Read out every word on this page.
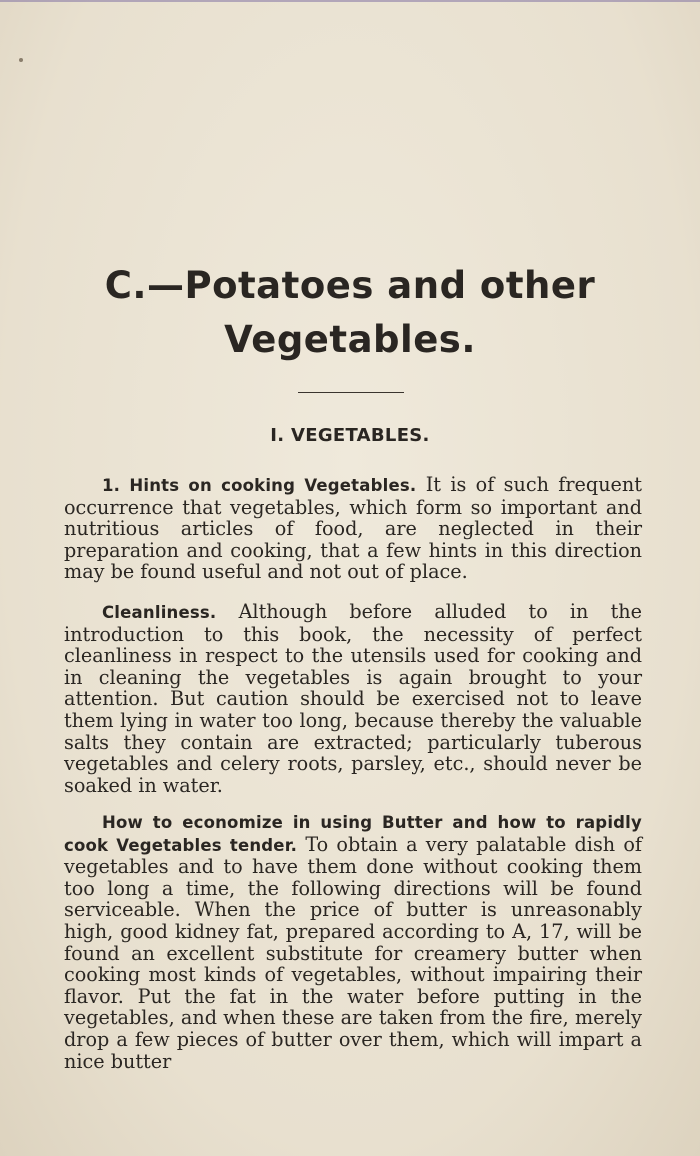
C.—Potatoes and other
Vegetables.
I. VEGETABLES.

1. Hints on cooking Vegetables. It is of such frequent occurrence that vegetables, which form so important and nutritious articles of food, are neglected in their preparation and cooking, that a few hints in this direction may be found useful and not out of place.

Cleanliness. Although before alluded to in the introduction to this book, the necessity of perfect cleanliness in respect to the utensils used for cooking and in cleaning the vegetables is again brought to your attention. But caution should be exercised not to leave them lying in water too long, because thereby the valuable salts they contain are extracted; particularly tuberous vegetables and celery roots, parsley, etc., should never be soaked in water.

How to economize in using Butter and how to rapidly cook Vegetables tender. To obtain a very palatable dish of vegetables and to have them done without cooking them too long a time, the following directions will be found serviceable. When the price of butter is unreasonably high, good kidney fat, prepared according to A, 17, will be found an excellent substitute for creamery butter when cooking most kinds of vegetables, without impairing their flavor. Put the fat in the water before putting in the vegetables, and when these are taken from the fire, merely drop a few pieces of butter over them, which will impart a nice butter
